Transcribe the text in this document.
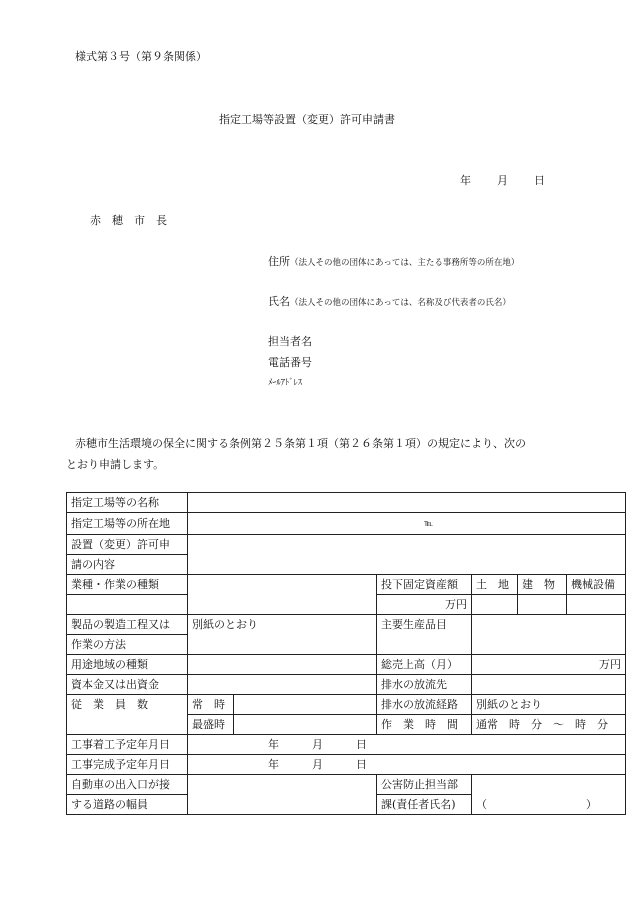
様式第３号（第９条関係）
指定工場等設置（変更）許可申請書
年 月 日
赤　穂　市　長
住所（法人その他の団体にあっては、主たる事務所等の所在地）
氏名（法人その他の団体にあっては、名称及び代表者の氏名）
担当者名
電話番号
ﾒｰﾙｱﾄﾞﾚｽ
赤穂市生活環境の保全に関する条例第２５条第１項（第２６条第１項）の規定により、次の
とおり申請します。
指定工場等の名称						
指定工場等の所在地	℡					
設置（変更）許可申						
請の内容						
業種・作業の種類			投下固定資産額	土　地	建　物	機械設備
			万円			
製品の製造工程又は	別紙のとおり		主要生産品目			
作業の方法						
用途地域の種類			総売上高（月）	万円		
資本金又は出資金			排水の放流先			
従　業　員　数	常　時		排水の放流経路	別紙のとおり		
	最盛時		作　業　時　間	通常　時　分　～　時　分		
工事着工予定年月日	年　　　月　　　日					
工事完成予定年月日	年　　　月　　　日					
自動車の出入口が接			公害防止担当部	（　　　　　　　　　）		
する道路の幅員			課(責任者氏名)			
